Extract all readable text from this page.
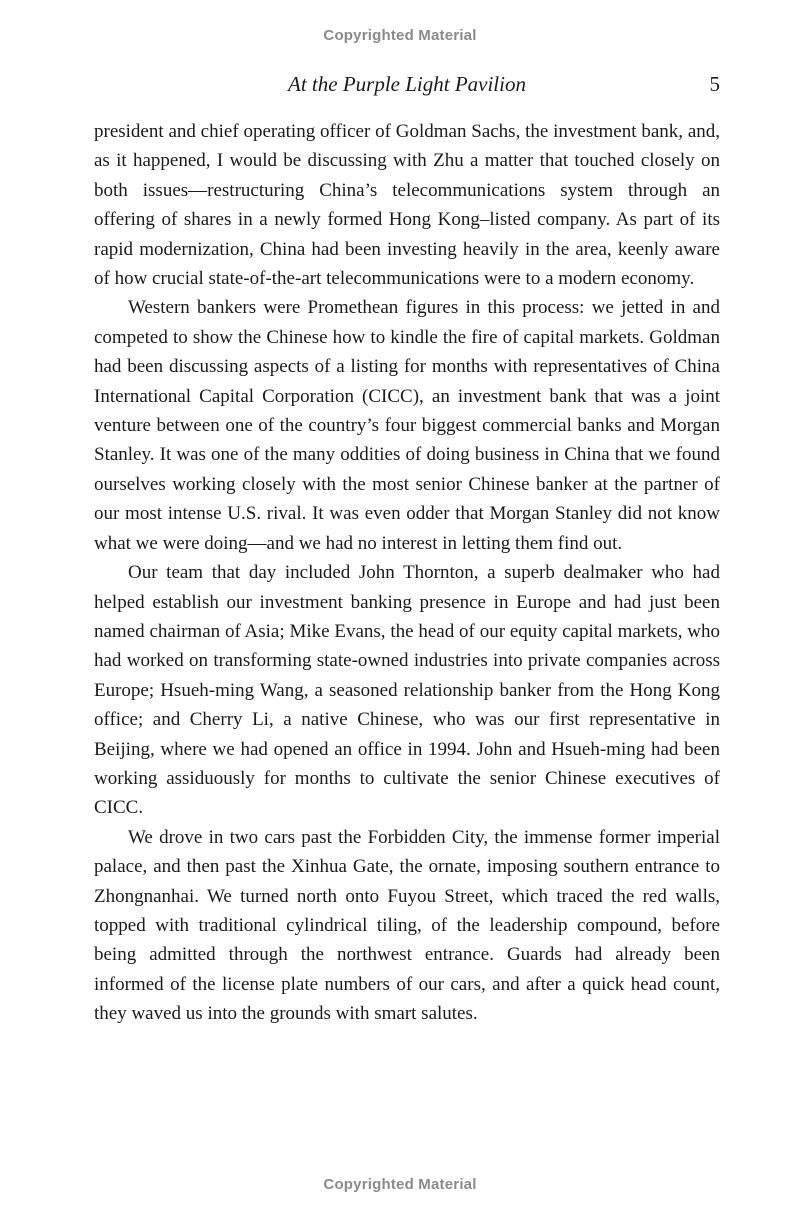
Copyrighted Material
At the Purple Light Pavilion	5

president and chief operating officer of Goldman Sachs, the investment bank, and, as it happened, I would be discussing with Zhu a matter that touched closely on both issues—restructuring China’s telecommunications system through an offering of shares in a newly formed Hong Kong–listed company. As part of its rapid modernization, China had been investing heavily in the area, keenly aware of how crucial state-of-the-art telecommunications were to a modern economy.

Western bankers were Promethean figures in this process: we jetted in and competed to show the Chinese how to kindle the fire of capital markets. Goldman had been discussing aspects of a listing for months with representatives of China International Capital Corporation (CICC), an investment bank that was a joint venture between one of the country’s four biggest commercial banks and Morgan Stanley. It was one of the many oddities of doing business in China that we found ourselves working closely with the most senior Chinese banker at the partner of our most intense U.S. rival. It was even odder that Morgan Stanley did not know what we were doing—and we had no interest in letting them find out.

Our team that day included John Thornton, a superb dealmaker who had helped establish our investment banking presence in Europe and had just been named chairman of Asia; Mike Evans, the head of our equity capital markets, who had worked on transforming state-owned industries into private companies across Europe; Hsueh-ming Wang, a seasoned relationship banker from the Hong Kong office; and Cherry Li, a native Chinese, who was our first representative in Beijing, where we had opened an office in 1994. John and Hsueh-ming had been working assiduously for months to cultivate the senior Chinese executives of CICC.

We drove in two cars past the Forbidden City, the immense former imperial palace, and then past the Xinhua Gate, the ornate, imposing southern entrance to Zhongnanhai. We turned north onto Fuyou Street, which traced the red walls, topped with traditional cylindrical tiling, of the leadership compound, before being admitted through the northwest entrance. Guards had already been informed of the license plate numbers of our cars, and after a quick head count, they waved us into the grounds with smart salutes.

Copyrighted Material
